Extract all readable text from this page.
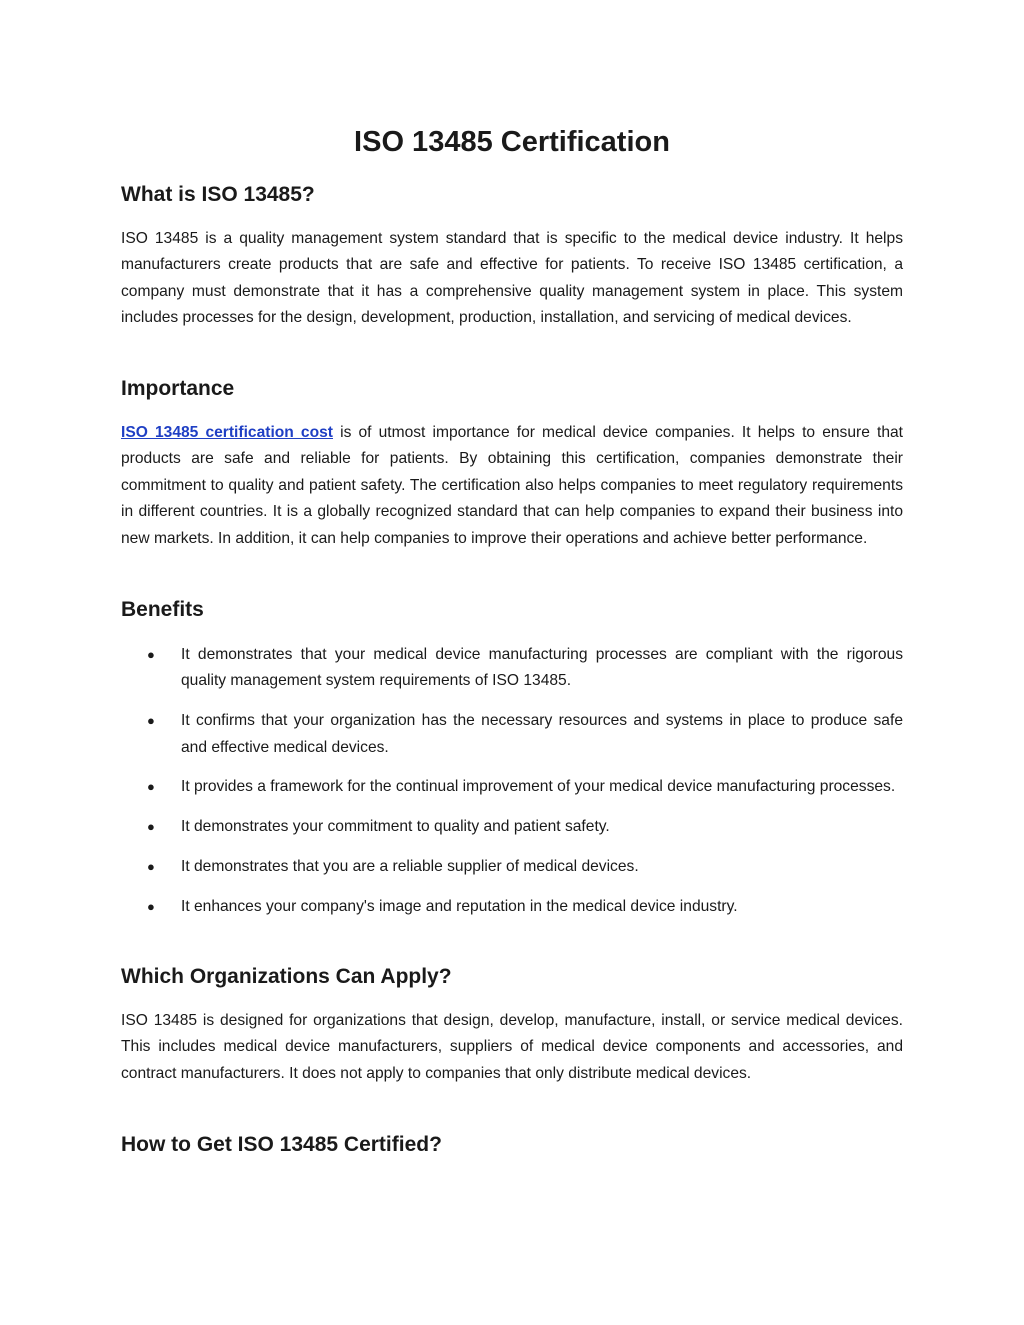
ISO 13485 Certification
What is ISO 13485?

ISO 13485 is a quality management system standard that is specific to the medical device industry. It helps manufacturers create products that are safe and effective for patients. To receive ISO 13485 certification, a company must demonstrate that it has a comprehensive quality management system in place. This system includes processes for the design, development, production, installation, and servicing of medical devices.

Importance

ISO 13485 certification cost is of utmost importance for medical device companies. It helps to ensure that products are safe and reliable for patients. By obtaining this certification, companies demonstrate their commitment to quality and patient safety. The certification also helps companies to meet regulatory requirements in different countries. It is a globally recognized standard that can help companies to expand their business into new markets. In addition, it can help companies to improve their operations and achieve better performance.

Benefits
● It demonstrates that your medical device manufacturing processes are compliant with the rigorous quality management system requirements of ISO 13485.
● It confirms that your organization has the necessary resources and systems in place to produce safe and effective medical devices.
● It provides a framework for the continual improvement of your medical device manufacturing processes.
● It demonstrates your commitment to quality and patient safety.
● It demonstrates that you are a reliable supplier of medical devices.
● It enhances your company's image and reputation in the medical device industry.
Which Organizations Can Apply?

ISO 13485 is designed for organizations that design, develop, manufacture, install, or service medical devices. This includes medical device manufacturers, suppliers of medical device components and accessories, and contract manufacturers. It does not apply to companies that only distribute medical devices.

How to Get ISO 13485 Certified?
